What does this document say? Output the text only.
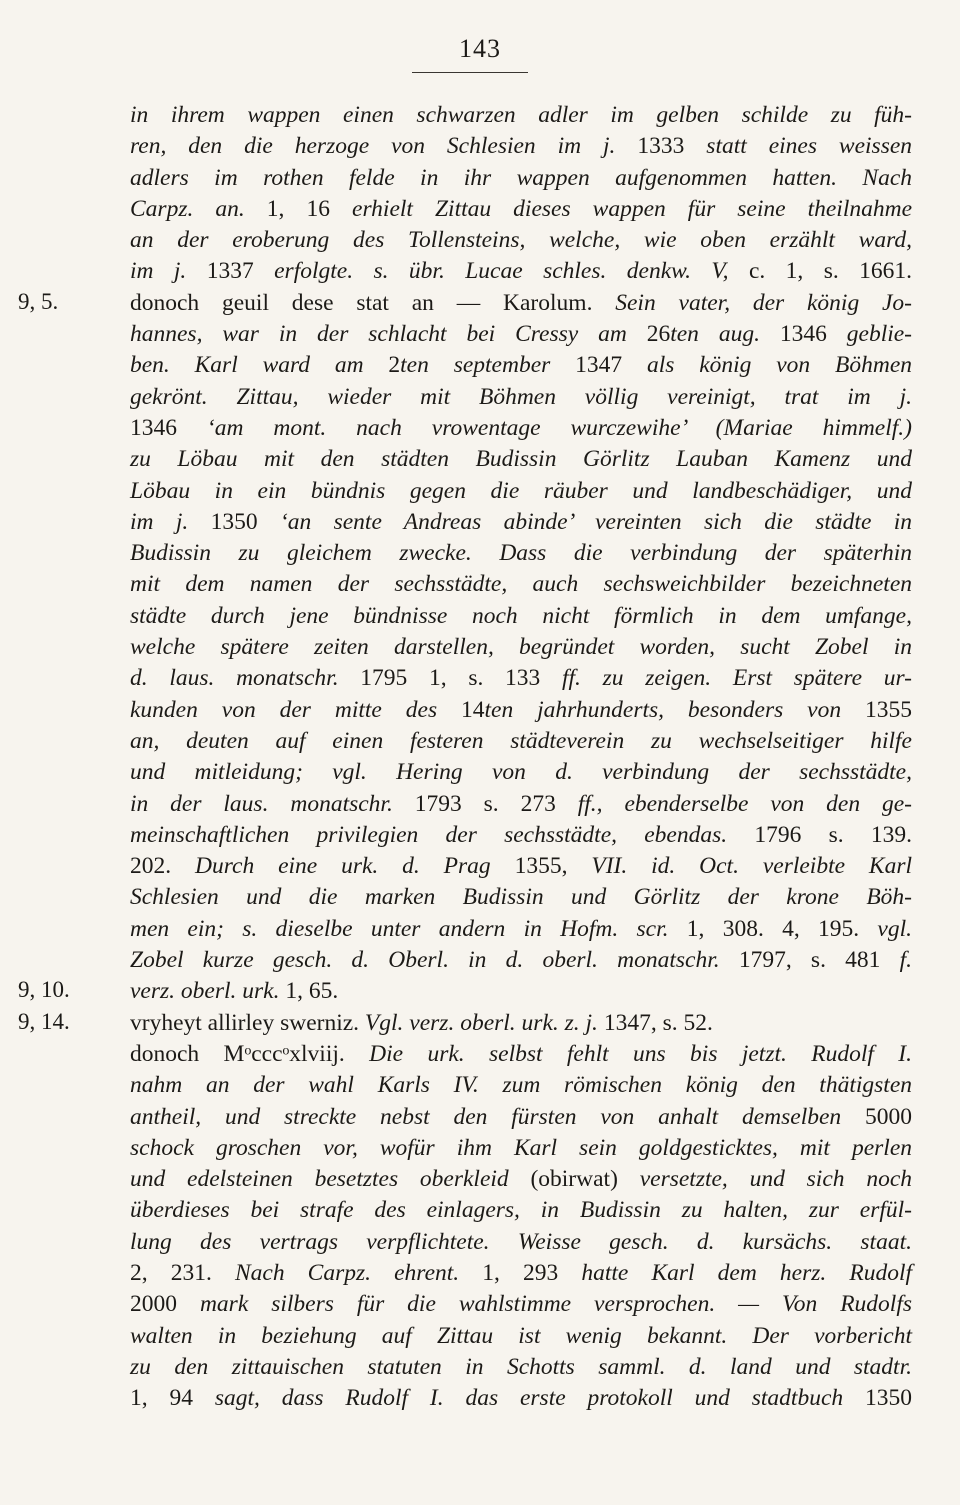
143
in ihrem wappen einen schwarzen adler im gelben schilde zu füh-
ren, den die herzoge von Schlesien im j. 1333 statt eines weissen
adlers im rothen felde in ihr wappen aufgenommen hatten. Nach
Carpz. an. 1, 16 erhielt Zittau dieses wappen für seine theilnahme
an der eroberung des Tollensteins, welche, wie oben erzählt ward,
im j. 1337 erfolgte. s. übr. Lucae schles. denkw. V, c. 1, s. 1661.
donoch geuil dese stat an — Karolum. Sein vater, der könig Jo-
hannes, war in der schlacht bei Cressy am 26ten aug. 1346 geblie-
ben. Karl ward am 2ten september 1347 als könig von Böhmen
gekrönt. Zittau, wieder mit Böhmen völlig vereinigt, trat im j.
1346 ‘am mont. nach vrowentage wurczewihe’ (Mariae himmelf.)
zu Löbau mit den städten Budissin Görlitz Lauban Kamenz und
Löbau in ein bündnis gegen die räuber und landbeschädiger, und
im j. 1350 ‘an sente Andreas abinde’ vereinten sich die städte in
Budissin zu gleichem zwecke. Dass die verbindung der späterhin
mit dem namen der sechsstädte, auch sechsweichbilder bezeichneten
städte durch jene bündnisse noch nicht förmlich in dem umfange,
welche spätere zeiten darstellen, begründet worden, sucht Zobel in
d. laus. monatschr. 1795 1, s. 133 ff. zu zeigen. Erst spätere ur-
kunden von der mitte des 14ten jahrhunderts, besonders von 1355
an, deuten auf einen festeren städteverein zu wechselseitiger hilfe
und mitleidung; vgl. Hering von d. verbindung der sechsstädte,
in der laus. monatschr. 1793 s. 273 ff., ebenderselbe von den ge-
meinschaftlichen privilegien der sechsstädte, ebendas. 1796 s. 139.
202. Durch eine urk. d. Prag 1355, VII. id. Oct. verleibte Karl
Schlesien und die marken Budissin und Görlitz der krone Böh-
men ein; s. dieselbe unter andern in Hofm. scr. 1, 308. 4, 195. vgl.
Zobel kurze gesch. d. Oberl. in d. oberl. monatschr. 1797, s. 481 f.
verz. oberl. urk. 1, 65.
vryheyt allirley swerniz. Vgl. verz. oberl. urk. z. j. 1347, s. 52.
donoch Mᵒcccᵒxlviij. Die urk. selbst fehlt uns bis jetzt. Rudolf I.
nahm an der wahl Karls IV. zum römischen könig den thätigsten
antheil, und streckte nebst den fürsten von anhalt demselben 5000
schock groschen vor, wofür ihm Karl sein goldgesticktes, mit perlen
und edelsteinen besetztes oberkleid (obirwat) versetzte, und sich noch
überdieses bei strafe des einlagers, in Budissin zu halten, zur erfül-
lung des vertrags verpflichtete. Weisse gesch. d. kursächs. staat.
2, 231. Nach Carpz. ehrent. 1, 293 hatte Karl dem herz. Rudolf
2000 mark silbers für die wahlstimme versprochen. — Von Rudolfs
walten in beziehung auf Zittau ist wenig bekannt. Der vorbericht
zu den zittauischen statuten in Schotts samml. d. land und stadtr.
1, 94 sagt, dass Rudolf I. das erste protokoll und stadtbuch 1350
9, 5.
9, 10.
9, 14.
